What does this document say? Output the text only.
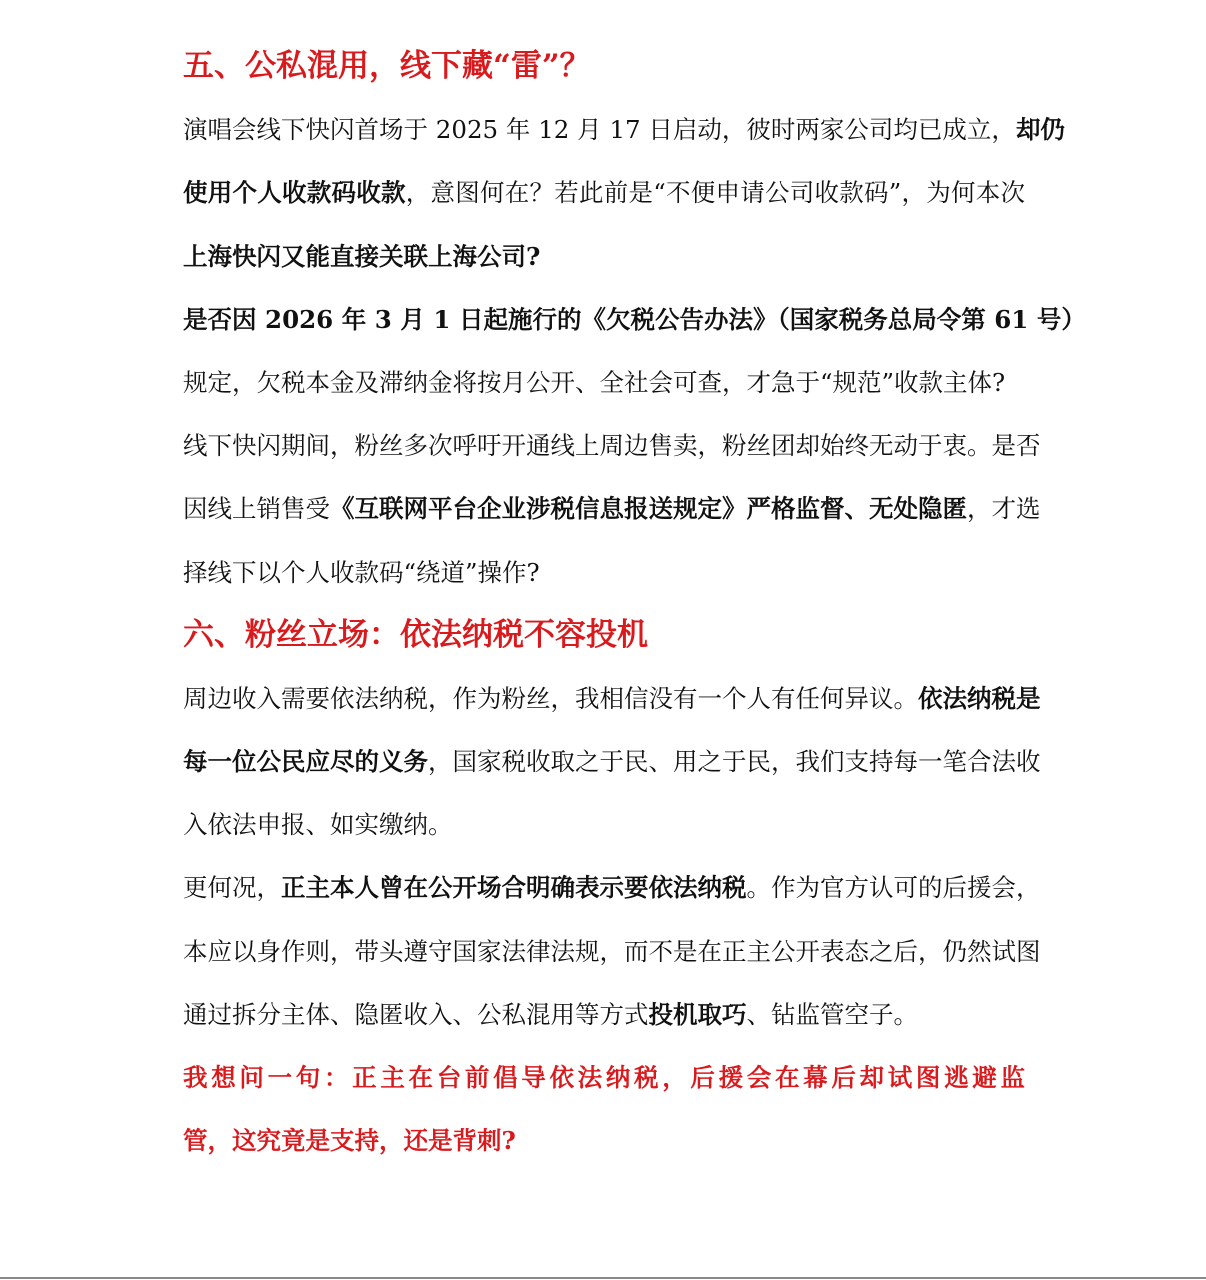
五、公私混用，线下藏“雷”？
演唱会线下快闪首场于 2025 年 12 月 17 日启动，彼时两家公司均已成立，却仍
使用个人收款码收款，意图何在？若此前是“不便申请公司收款码”，为何本次
上海快闪又能直接关联上海公司?
是否因 2026 年 3 月 1 日起施行的《欠税公告办法》（国家税务总局令第 61 号）
规定，欠税本金及滞纳金将按月公开、全社会可查，才急于“规范”收款主体?
线下快闪期间，粉丝多次呼吁开通线上周边售卖，粉丝团却始终无动于衷。是否
因线上销售受《互联网平台企业涉税信息报送规定》严格监督、无处隐匿，才选
择线下以个人收款码“绕道”操作?
六、粉丝立场：依法纳税不容投机
周边收入需要依法纳税，作为粉丝，我相信没有一个人有任何异议。依法纳税是
每一位公民应尽的义务，国家税收取之于民、用之于民，我们支持每一笔合法收
入依法申报、如实缴纳。
更何况，正主本人曾在公开场合明确表示要依法纳税。作为官方认可的后援会，
本应以身作则，带头遵守国家法律法规，而不是在正主公开表态之后，仍然试图
通过拆分主体、隐匿收入、公私混用等方式投机取巧、钻监管空子。
我想问一句：正主在台前倡导依法纳税，后援会在幕后却试图逃避监
管，这究竟是支持，还是背刺?
